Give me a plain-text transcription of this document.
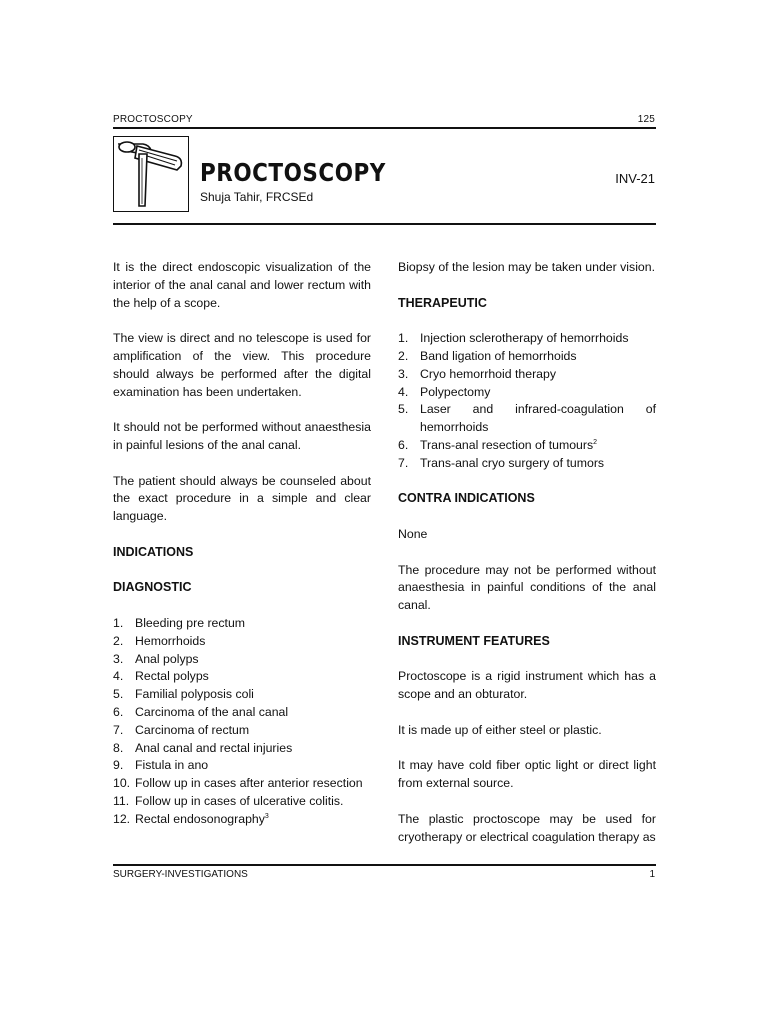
PROCTOSCOPY	125
PROCTOSCOPY
Shuja Tahir, FRCSEd
INV-21

It is the direct endoscopic visualization of the interior of the anal canal and lower rectum with the help of a scope.

The view is direct and no telescope is used for amplification of the view. This procedure should always be performed after the digital examination has been undertaken.

It should not be performed without anaesthesia in painful lesions of the anal canal.

The patient should always be counseled about the exact procedure in a simple and clear language.

INDICATIONS
DIAGNOSTIC
1. Bleeding pre rectum
2. Hemorrhoids
3. Anal polyps
4. Rectal polyps
5. Familial polyposis coli
6. Carcinoma of the anal canal
7. Carcinoma of rectum
8. Anal canal and rectal injuries
9. Fistula in ano
10. Follow up in cases after anterior resection
11. Follow up in cases of ulcerative colitis.
12. Rectal endosonography$^3$

Biopsy of the lesion may be taken under vision.

THERAPEUTIC
1. Injection sclerotherapy of hemorrhoids
2. Band ligation of hemorrhoids
3. Cryo hemorrhoid therapy
4. Polypectomy
5. Laser and infrared-coagulation of hemorrhoids
6. Trans-anal resection of tumours$^2$
7. Trans-anal cryo surgery of tumors
CONTRA INDICATIONS

None

The procedure may not be performed without anaesthesia in painful conditions of the anal canal.

INSTRUMENT FEATURES

Proctoscope is a rigid instrument which has a scope and an obturator.

It is made up of either steel or plastic.

It may have cold fiber optic light or direct light from external source.

The plastic proctoscope may be used for cryotherapy or electrical coagulation therapy as

SURGERY-INVESTIGATIONS	1
